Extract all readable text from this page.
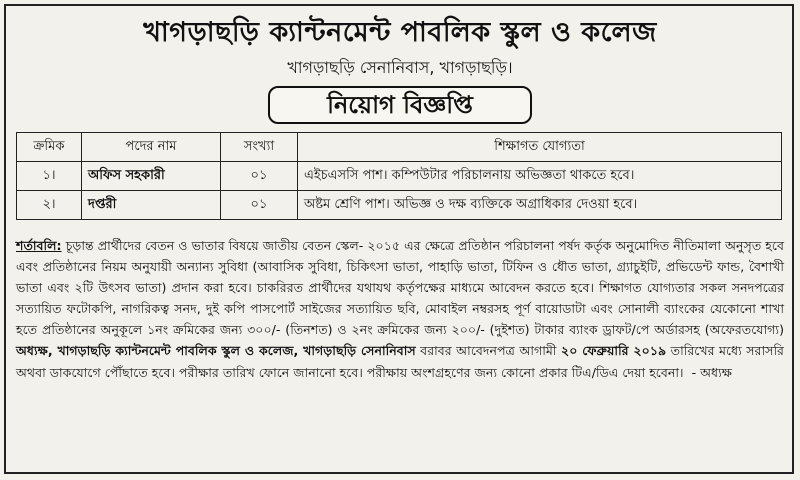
খাগড়াছড়ি ক্যান্টনমেন্ট পাবলিক স্কুল ও কলেজ
খাগড়াছড়ি সেনানিবাস, খাগড়াছড়ি।
নিয়োগ বিজ্ঞপ্তি
ক্রমিক	পদের নাম	সংখ্যা	শিক্ষাগত যোগ্যতা
১।	অফিস সহকারী	০১	এইচএসসি পাশ। কম্পিউটার পরিচালনায় অভিজ্ঞতা থাকতে হবে।
২।	দপ্তরী	০১	অষ্টম শ্রেণি পাশ। অভিজ্ঞ ও দক্ষ ব্যক্তিকে অগ্রাধিকার দেওয়া হবে।
শর্তাবলি: চূড়ান্ত প্রার্থীদের বেতন ও ভাতার বিষয়ে জাতীয় বেতন স্কেল- ২০১৫ এর ক্ষেত্রে প্রতিষ্ঠান পরিচালনা পর্ষদ কর্তৃক অনুমোদিত নীতিমালা অনুসৃত হবে এবং প্রতিষ্ঠানের নিয়ম অনুযায়ী অন্যান্য সুবিধা (আবাসিক সুবিধা, চিকিৎসা ভাতা, পাহাড়ি ভাতা, টিফিন ও ধৌত ভাতা, গ্র্যাচুইটি, প্রভিডেন্ট ফান্ড, বৈশাখী ভাতা এবং ২টি উৎসব ভাতা) প্রদান করা হবে। চাকরিরত প্রার্থীদের যথাযথ কর্তৃপক্ষের মাধ্যমে আবেদন করতে হবে। শিক্ষাগত যোগ্যতার সকল সনদপত্রের সত্যায়িত ফটোকপি, নাগরিকত্ব সনদ, দুই কপি পাসপোর্ট সাইজের সত্যায়িত ছবি, মোবাইল নম্বরসহ পূর্ণ বায়োডাটা এবং সোনালী ব্যাংকের যেকোনো শাখা হতে প্রতিষ্ঠানের অনুকূলে ১নং ক্রমিকের জন্য ৩০০/- (তিনশত) ও ২নং ক্রমিকের জন্য ২০০/- (দুইশত) টাকার ব্যাংক ড্রাফট/পে অর্ডারসহ (অফেরতযোগ্য) অধ্যক্ষ, খাগড়াছড়ি ক্যান্টনমেন্ট পাবলিক স্কুল ও কলেজ, খাগড়াছড়ি সেনানিবাস বরাবর আবেদনপত্র আগামী ২০ ফেব্রুয়ারি ২০১৯ তারিখের মধ্যে সরাসরি অথবা ডাকযোগে পৌঁছাতে হবে। পরীক্ষার তারিখ ফোনে জানানো হবে। পরীক্ষায় অংশগ্রহণের জন্য কোনো প্রকার টিএ/ডিএ দেয়া হবেনা। - অধ্যক্ষ
